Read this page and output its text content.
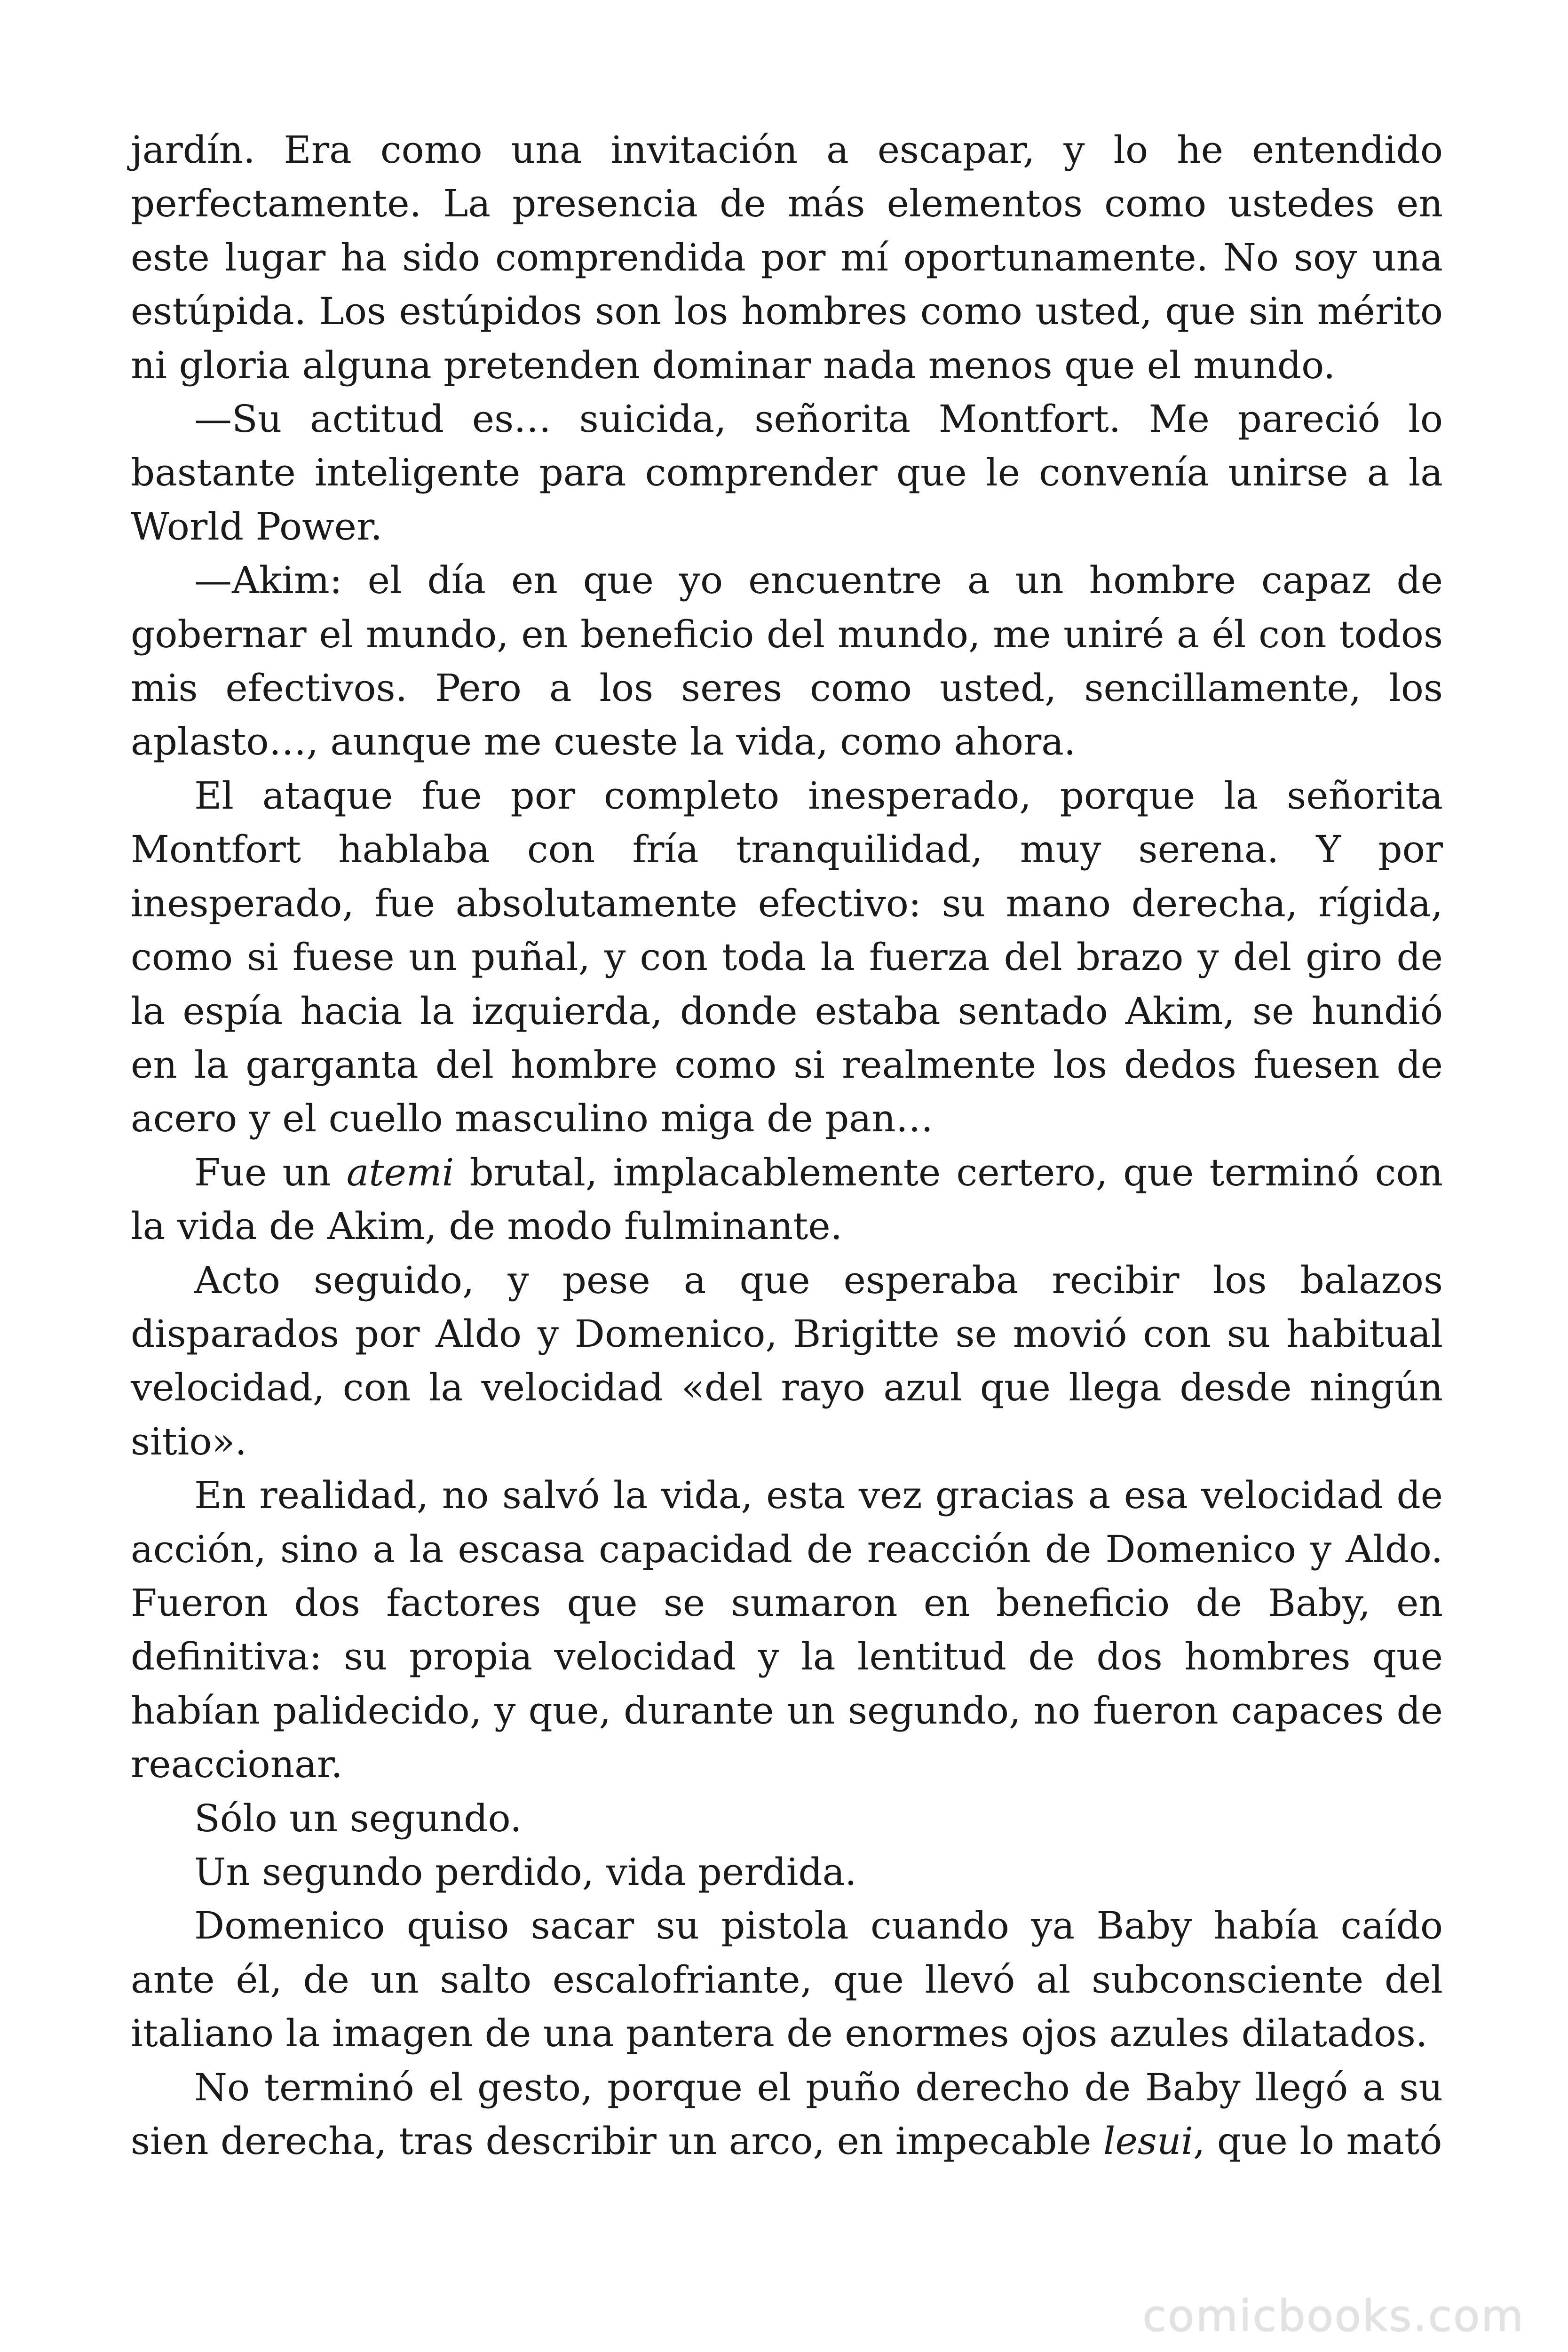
jardín. Era como una invitación a escapar, y lo he entendido perfectamente. La presencia de más elementos como ustedes en este lugar ha sido comprendida por mí oportunamente. No soy una estúpida. Los estúpidos son los hombres como usted, que sin mérito ni gloria alguna pretenden dominar nada menos que el mundo.

—Su actitud es… suicida, señorita Montfort. Me pareció lo bastante inteligente para comprender que le convenía unirse a la World Power.

—Akim: el día en que yo encuentre a un hombre capaz de gobernar el mundo, en beneficio del mundo, me uniré a él con todos mis efectivos. Pero a los seres como usted, sencillamente, los aplasto…, aunque me cueste la vida, como ahora.

El ataque fue por completo inesperado, porque la señorita Montfort hablaba con fría tranquilidad, muy serena. Y por inesperado, fue absolutamente efectivo: su mano derecha, rígida, como si fuese un puñal, y con toda la fuerza del brazo y del giro de la espía hacia la izquierda, donde estaba sentado Akim, se hundió en la garganta del hombre como si realmente los dedos fuesen de acero y el cuello masculino miga de pan…

Fue un atemi brutal, implacablemente certero, que terminó con la vida de Akim, de modo fulminante.

Acto seguido, y pese a que esperaba recibir los balazos disparados por Aldo y Domenico, Brigitte se movió con su habitual velocidad, con la velocidad «del rayo azul que llega desde ningún sitio».

En realidad, no salvó la vida, esta vez gracias a esa velocidad de acción, sino a la escasa capacidad de reacción de Domenico y Aldo. Fueron dos factores que se sumaron en beneficio de Baby, en definitiva: su propia velocidad y la lentitud de dos hombres que habían palidecido, y que, durante un segundo, no fueron capaces de reaccionar.

Sólo un segundo.

Un segundo perdido, vida perdida.

Domenico quiso sacar su pistola cuando ya Baby había caído ante él, de un salto escalofriante, que llevó al subconsciente del italiano la imagen de una pantera de enormes ojos azules dilatados.

No terminó el gesto, porque el puño derecho de Baby llegó a su sien derecha, tras describir un arco, en impecable lesui, que lo mató

comicbooks.com
